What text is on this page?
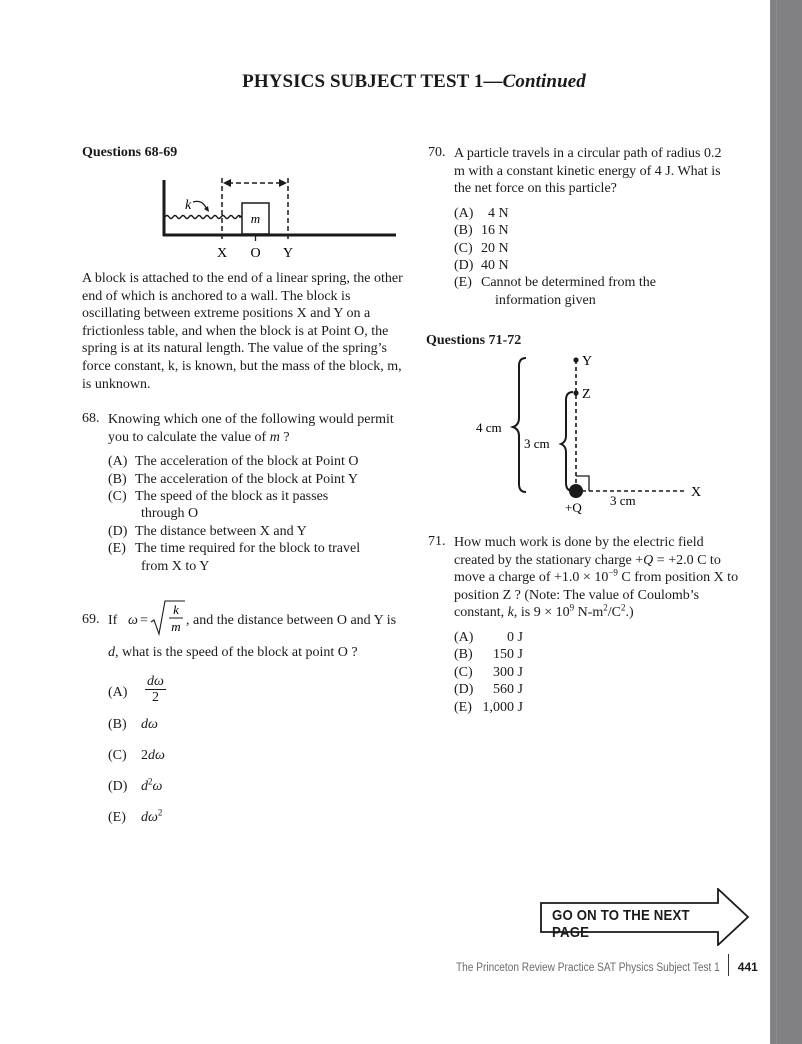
PHYSICS SUBJECT TEST 1—Continued
Questions 68-69
m
k
X O Y

A block is attached to the end of a linear spring, the other end of which is anchored to a wall. The block is oscillating between extreme positions X and Y on a frictionless table, and when the block is at Point O, the spring is at its natural length. The value of the spring’s force constant, k, is known, but the mass of the block, m, is unknown.

68. Knowing which one of the following would permit you to calculate the value of m ?

(A) The acceleration of the block at Point O
(B) The acceleration of the block at Point Y
(C) The speed of the block as it passes
through O
(D) The distance between X and Y
(E) The time required for the block to travel
from X to Y
69. If ω =
k
m , and the distance between O and Y is

d, what is the speed of the block at point O ?

$(A) \frac{d\omega}{2}$
(B) dω
(C) 2dω
(D) $d^2\omega$
(E) $d\omega^2$
70. A particle travels in a circular path of radius 0.2 m with a constant kinetic energy of 4 J. What is the net force on this particle?

(A) 4 N
(B) 16 N
(C) 20 N
(D) 40 N
(E) Cannot be determined from the
information given
Questions 71-72
Y
Z
X
3 cm
+Q
4 cm
3 cm
71. How much work is done by the electric field created by the stationary charge +Q = +2.0 C to move a charge of $+1.0 \times 10^{-9}$ C from position X to position Z ? (Note: The value of Coulomb’s constant, k, is $9 \times 10^9$ $N-m^2/C^2$.)

(A) 0 J
(B) 150 J
(C) 300 J
(D) 560 J
(E) 1,000 J
GO ON TO THE NEXT PAGE
The Princeton Review Practice SAT Physics Subject Test 1 441
